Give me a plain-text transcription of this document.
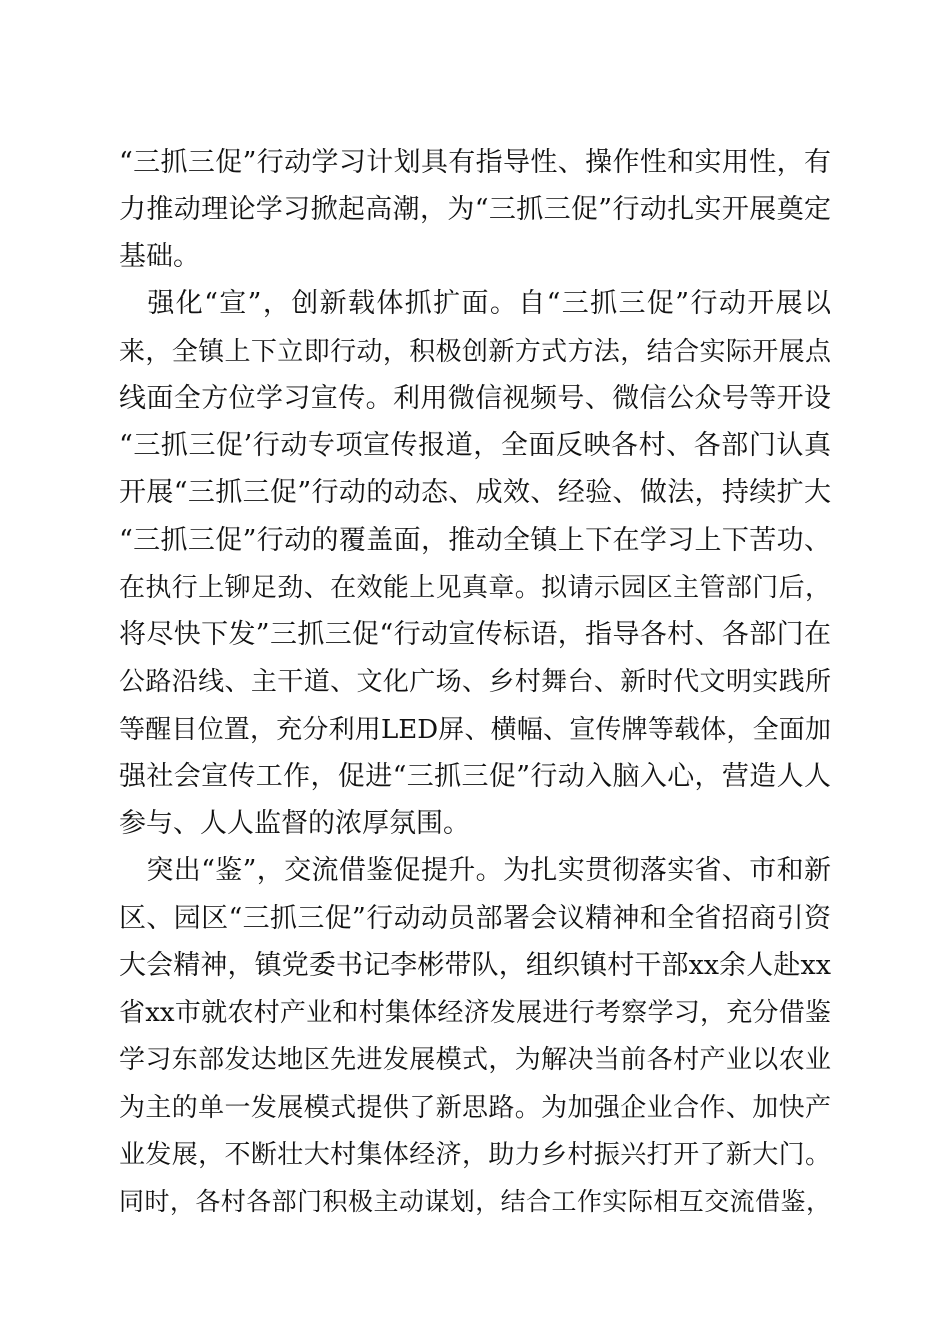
“三抓三促”行动学习计划具有指导性、操作性和实用性，有
力推动理论学习掀起高潮，为“三抓三促”行动扎实开展奠定
基础。
　强化“宣”，创新载体抓扩面。自“三抓三促”行动开展以
来，全镇上下立即行动，积极创新方式方法，结合实际开展点
线面全方位学习宣传。利用微信视频号、微信公众号等开设
“三抓三促’行动专项宣传报道，全面反映各村、各部门认真
开展“三抓三促”行动的动态、成效、经验、做法，持续扩大
“三抓三促”行动的覆盖面，推动全镇上下在学习上下苦功、
在执行上铆足劲、在效能上见真章。拟请示园区主管部门后，
将尽快下发”三抓三促“行动宣传标语，指导各村、各部门在
公路沿线、主干道、文化广场、乡村舞台、新时代文明实践所
等醒目位置，充分利用LED屏、横幅、宣传牌等载体，全面加
强社会宣传工作，促进“三抓三促”行动入脑入心，营造人人
参与、人人监督的浓厚氛围。
　突出“鉴”，交流借鉴促提升。为扎实贯彻落实省、市和新
区、园区“三抓三促”行动动员部署会议精神和全省招商引资
大会精神，镇党委书记李彬带队，组织镇村干部xx余人赴xx
省xx市就农村产业和村集体经济发展进行考察学习，充分借鉴
学习东部发达地区先进发展模式，为解决当前各村产业以农业
为主的单一发展模式提供了新思路。为加强企业合作、加快产
业发展，不断壮大村集体经济，助力乡村振兴打开了新大门。
同时，各村各部门积极主动谋划，结合工作实际相互交流借鉴，
